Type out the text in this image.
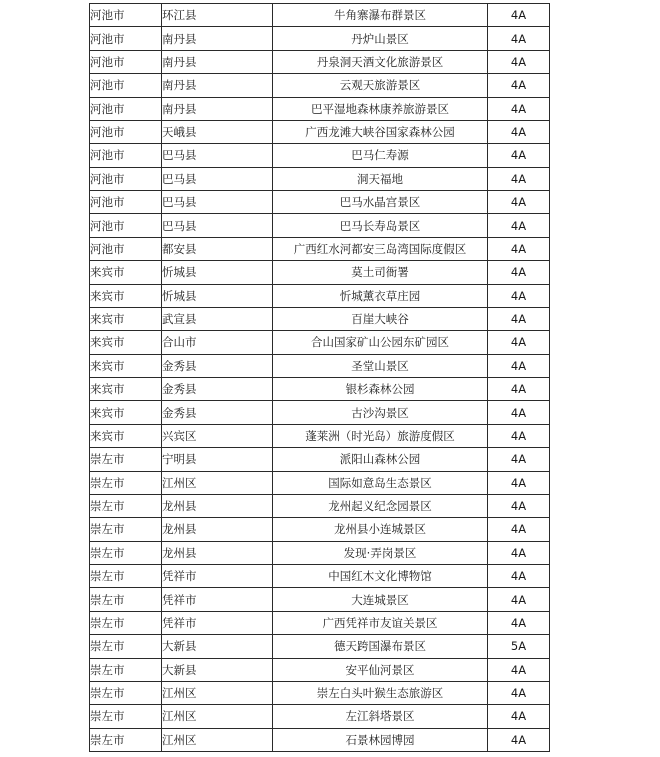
河池市	环江县	牛角寨瀑布群景区	4A
河池市	南丹县	丹炉山景区	4A
河池市	南丹县	丹泉洞天酒文化旅游景区	4A
河池市	南丹县	云观天旅游景区	4A
河池市	南丹县	巴平湿地森林康养旅游景区	4A
河池市	天峨县	广西龙滩大峡谷国家森林公园	4A
河池市	巴马县	巴马仁寿源	4A
河池市	巴马县	洞天福地	4A
河池市	巴马县	巴马水晶宫景区	4A
河池市	巴马县	巴马长寿岛景区	4A
河池市	都安县	广西红水河都安三岛湾国际度假区	4A
来宾市	忻城县	莫土司衙署	4A
来宾市	忻城县	忻城薰衣草庄园	4A
来宾市	武宣县	百崖大峡谷	4A
来宾市	合山市	合山国家矿山公园东矿园区	4A
来宾市	金秀县	圣堂山景区	4A
来宾市	金秀县	银杉森林公园	4A
来宾市	金秀县	古沙沟景区	4A
来宾市	兴宾区	蓬莱洲（时光岛）旅游度假区	4A
崇左市	宁明县	派阳山森林公园	4A
崇左市	江州区	国际如意岛生态景区	4A
崇左市	龙州县	龙州起义纪念园景区	4A
崇左市	龙州县	龙州县小连城景区	4A
崇左市	龙州县	发现·弄岗景区	4A
崇左市	凭祥市	中国红木文化博物馆	4A
崇左市	凭祥市	大连城景区	4A
崇左市	凭祥市	广西凭祥市友谊关景区	4A
崇左市	大新县	德天跨国瀑布景区	5A
崇左市	大新县	安平仙河景区	4A
崇左市	江州区	崇左白头叶猴生态旅游区	4A
崇左市	江州区	左江斜塔景区	4A
崇左市	江州区	石景林园博园	4A
